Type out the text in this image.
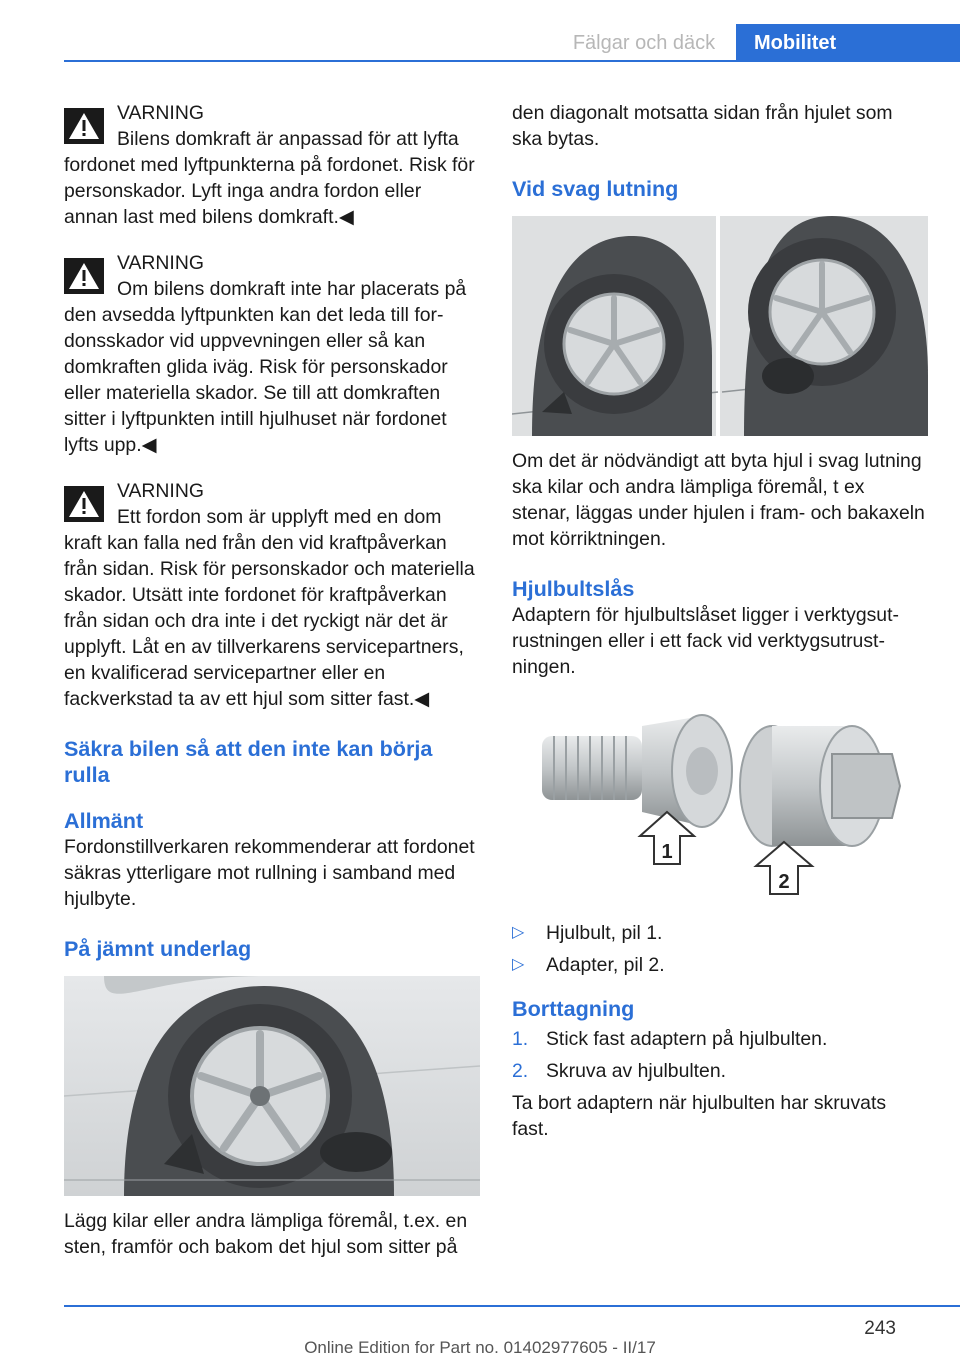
Fälgar och däck	Mobilitet
VARNING
Bilens domkraft är anpassad för att lyfta
fordonet med lyftpunkterna på fordonet. Risk för personskador. Lyft inga andra fordon eller annan last med bilens domkraft.◀
VARNING
Om bilens domkraft inte har placerats på
den avsedda lyftpunkten kan det leda till fordonsskador vid uppvevningen eller så kan domkraften glida iväg. Risk för personskador eller materiella skador. Se till att domkraften sitter i lyftpunkten intill hjulhuset när fordonet lyfts upp.◀
VARNING
Ett fordon som är upplyft med en dom
kraft kan falla ned från den vid kraftpåverkan från sidan. Risk för personskador och materiella skador. Utsätt inte fordonet för kraftpåverkan från sidan och dra inte i det ryckigt när det är upplyft. Låt en av tillverkarens servicepartners, en kvalificerad servicepartner eller en fackverkstad ta av ett hjul som sitter fast.◀
Säkra bilen så att den inte kan börja rulla
Allmänt

Fordonstillverkaren rekommenderar att fordonet säkras ytterligare mot rullning i samband med hjulbyte.

På jämnt underlag

Lägg kilar eller andra lämpliga föremål, t.ex. en sten, framför och bakom det hjul som sitter på

den diagonalt motsatta sidan från hjulet som ska bytas.

Vid svag lutning

Om det är nödvändigt att byta hjul i svag lutning ska kilar och andra lämpliga föremål, t ex stenar, läggas under hjulen i fram- och bakaxeln mot körriktningen.

Hjulbultslås

Adaptern för hjulbultslåset ligger i verktygsutrustningen eller i ett fack vid verktygsutrustningen.

1
2
▷ Hjulbult, pil 1.
▷ Adapter, pil 2.
Borttagning
1. Stick fast adaptern på hjulbulten.
2. Skruva av hjulbulten.

Ta bort adaptern när hjulbulten har skruvats fast.

243
Online Edition for Part no. 01402977605 - II/17
